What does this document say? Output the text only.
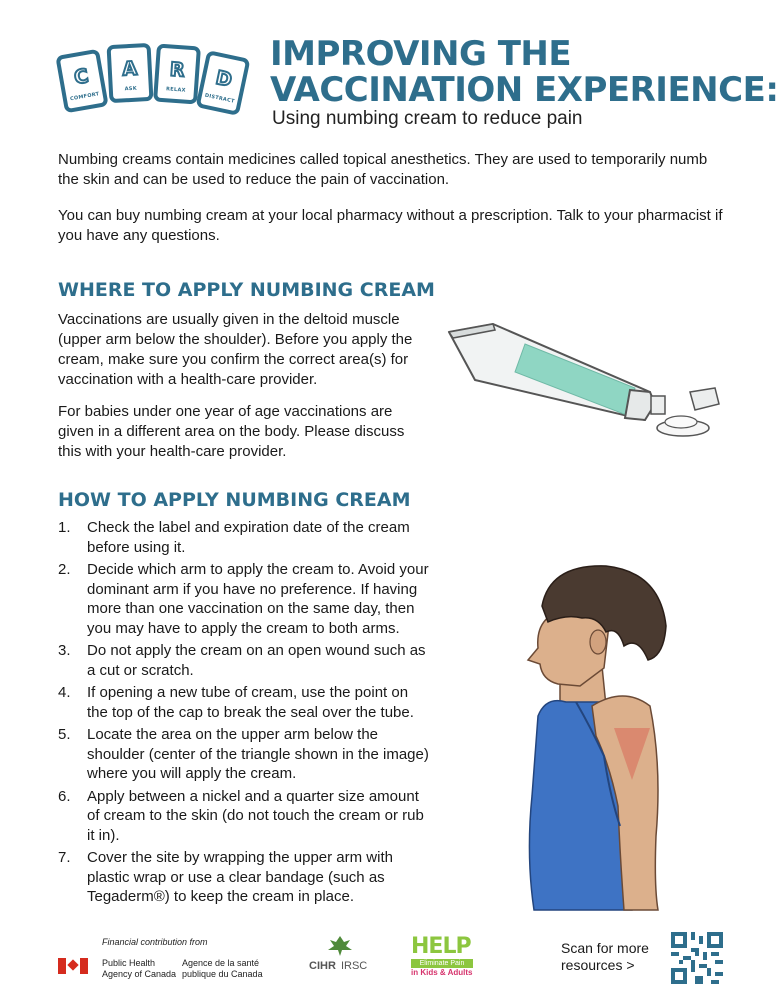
C
COMFORT
A
ASK
R
RELAX	D
DISTRACT
IMPROVING THE
VACCINATION EXPERIENCE:
Using numbing cream to reduce pain
Numbing creams contain medicines called topical anesthetics. They are used to temporarily numb the skin and can be used to reduce the pain of vaccination.
You can buy numbing cream at your local pharmacy without a prescription. Talk to your pharmacist if you have any questions.
WHERE TO APPLY NUMBING CREAM
Vaccinations are usually given in the deltoid muscle (upper arm below the shoulder). Before you apply the cream, make sure you confirm the correct area(s) for vaccination with a health-care provider.
For babies under one year of age vaccinations are given in a different area on the body. Please discuss this with your health-care provider.
HOW TO APPLY NUMBING CREAM
1. Check the label and expiration date of the cream before using it.
2. Decide which arm to apply the cream to. Avoid your dominant arm if you have no preference. If having more than one vaccination on the same day, then you may have to apply the cream to both arms.
3. Do not apply the cream on an open wound such as a cut or scratch.
4. If opening a new tube of cream, use the point on the top of the cap to break the seal over the tube.
5. Locate the area on the upper arm below the shoulder (center of the triangle shown in the image) where you will apply the cream.
6. Apply between a nickel and a quarter size amount of cream to the skin (do not touch the cream or rub it in).
7. Cover the site by wrapping the upper arm with plastic wrap or use a clear bandage (such as Tegaderm®) to keep the cream in place.
Financial contribution from
Public Health
Agency of Canada
Agence de la santé
publique du Canada
CIHR IRSC
HELP
Eliminate Pain
in Kids & Adults
Scan for more
resources >
